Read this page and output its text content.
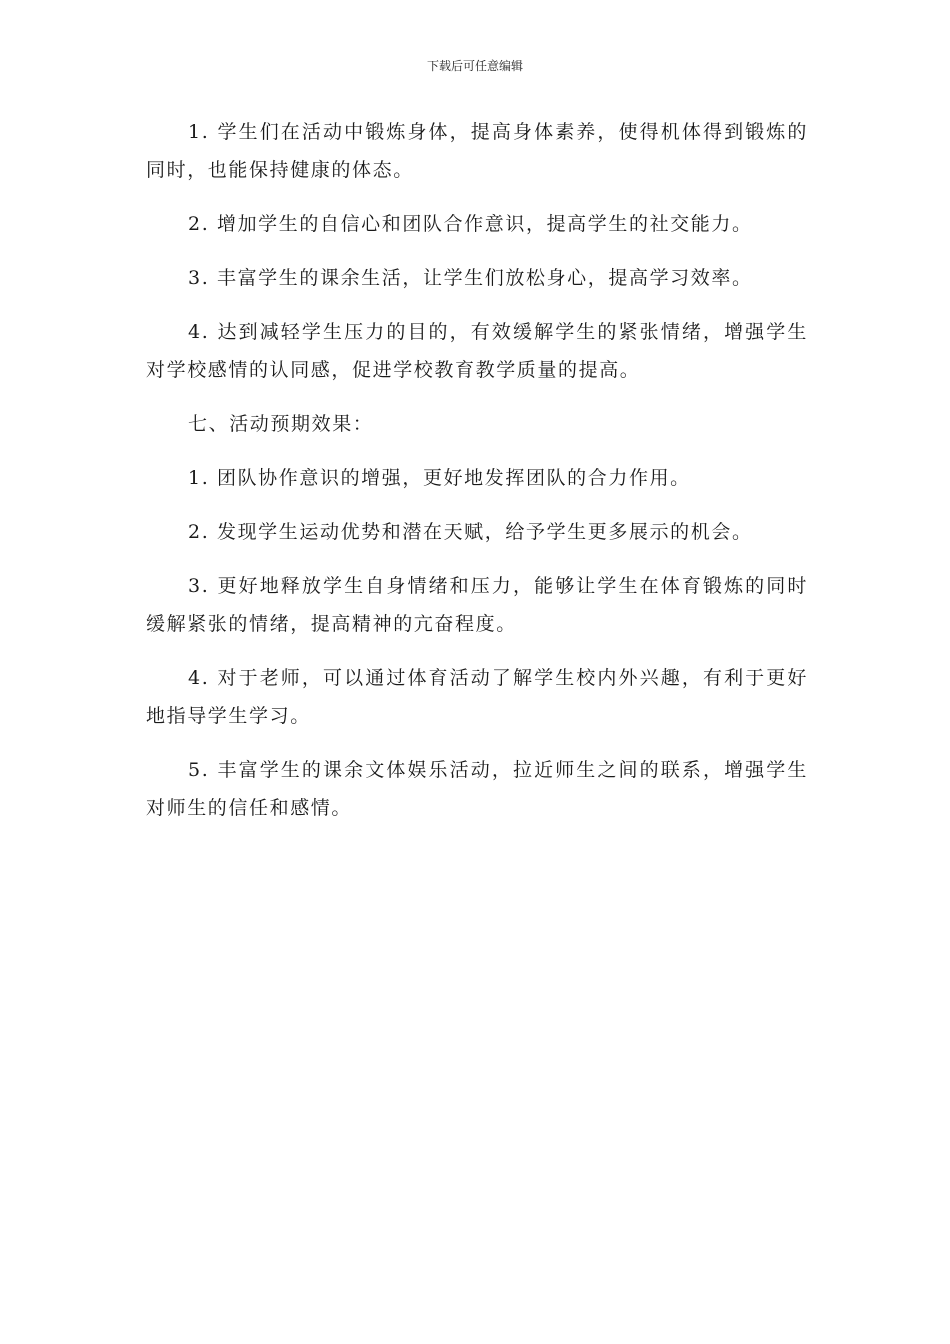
下载后可任意编辑

1. 学生们在活动中锻炼身体，提高身体素养，使得机体得到锻炼的同时，也能保持健康的体态。

2. 增加学生的自信心和团队合作意识，提高学生的社交能力。

3. 丰富学生的课余生活，让学生们放松身心，提高学习效率。

4. 达到减轻学生压力的目的，有效缓解学生的紧张情绪，增强学生对学校感情的认同感，促进学校教育教学质量的提高。

七、活动预期效果：

1. 团队协作意识的增强，更好地发挥团队的合力作用。

2. 发现学生运动优势和潜在天赋，给予学生更多展示的机会。

3. 更好地释放学生自身情绪和压力，能够让学生在体育锻炼的同时缓解紧张的情绪，提高精神的亢奋程度。

4. 对于老师，可以通过体育活动了解学生校内外兴趣，有利于更好地指导学生学习。

5. 丰富学生的课余文体娱乐活动，拉近师生之间的联系，增强学生对师生的信任和感情。
